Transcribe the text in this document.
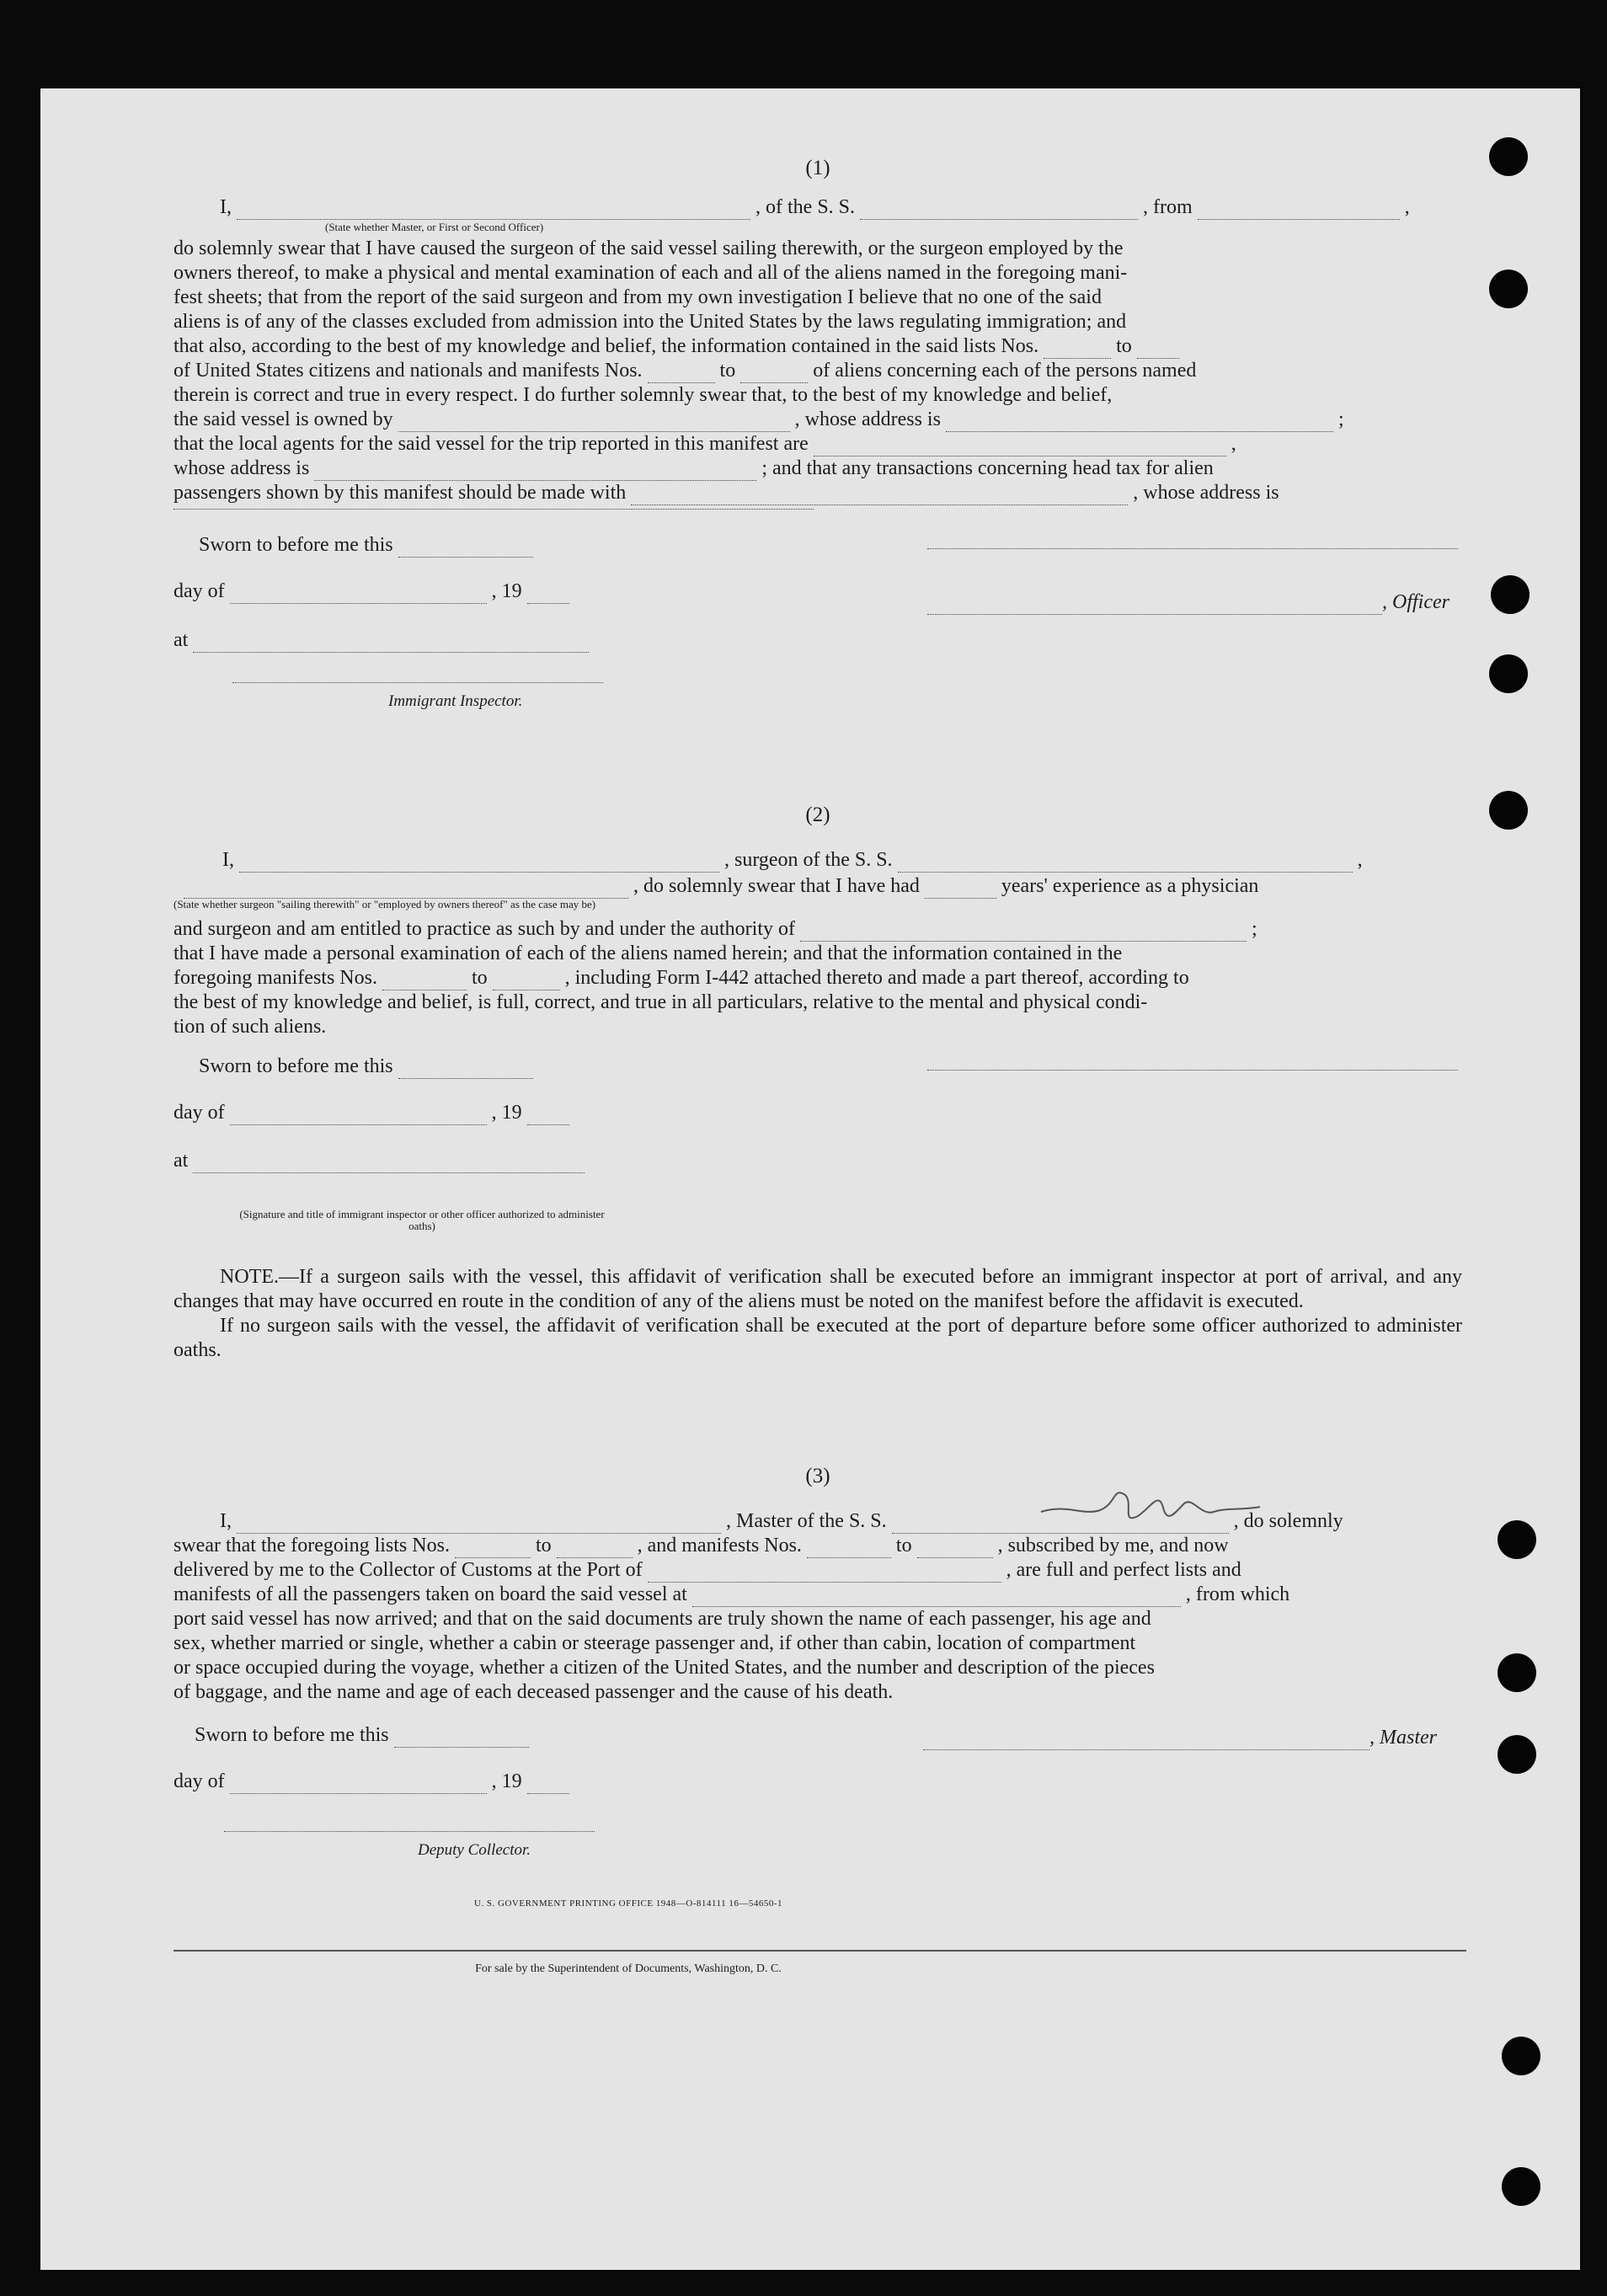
(1)

I,	, of the S. S.	, from	,
(State whether Master, or First or Second Officer)

do solemnly swear that I have caused the surgeon of the said vessel sailing therewith, or the surgeon employed by the

owners thereof, to make a physical and mental examination of each and all of the aliens named in the foregoing mani-

fest sheets; that from the report of the said surgeon and from my own investigation I believe that no one of the said

aliens is of any of the classes excluded from admission into the United States by the laws regulating immigration; and

that also, according to the best of my knowledge and belief, the information contained in the said lists Nos.	to
of United States citizens and nationals and manifests Nos.	to	of aliens concerning each of the persons named

therein is correct and true in every respect. I do further solemnly swear that, to the best of my knowledge and belief,

the said vessel is owned by	, whose address is	;
that the local agents for the said vessel for the trip reported in this manifest are	,
whose address is	; and that any transactions concerning head tax for alien
passengers shown by this manifest should be made with	, whose address is
Sworn to before me this
day of	, 19
at
Immigrant Inspector.
, Officer

(2)

I,	, surgeon of the S. S.	,
, do solemnly swear that I have had	years' experience as a physician
(State whether surgeon "sailing therewith" or "employed by owners thereof" as the case may be)
and surgeon and am entitled to practice as such by and under the authority of	;

that I have made a personal examination of each of the aliens named herein; and that the information contained in the

foregoing manifests Nos.	to	, including Form I-442 attached thereto and made a part thereof, according to

the best of my knowledge and belief, is full, correct, and true in all particulars, relative to the mental and physical condi-

tion of such aliens.

Sworn to before me this
day of	, 19
at
(Signature and title of immigrant inspector or other officer authorized to administer oaths)

NOTE.—If a surgeon sails with the vessel, this affidavit of verification shall be executed before an immigrant inspector at port of arrival, and any changes that may have occurred en route in the condition of any of the aliens must be noted on the manifest before the affidavit is executed.

If no surgeon sails with the vessel, the affidavit of verification shall be executed at the port of departure before some officer authorized to administer oaths.

(3)

I,	, Master of the S. S.	, do solemnly
swear that the foregoing lists Nos.	to	, and manifests Nos.	to	, subscribed by me, and now
delivered by me to the Collector of Customs at the Port of	, are full and perfect lists and
manifests of all the passengers taken on board the said vessel at	, from which

port said vessel has now arrived; and that on the said documents are truly shown the name of each passenger, his age and

sex, whether married or single, whether a cabin or steerage passenger and, if other than cabin, location of compartment

or space occupied during the voyage, whether a citizen of the United States, and the number and description of the pieces

of baggage, and the name and age of each deceased passenger and the cause of his death.

Sworn to before me this	, Master
day of	, 19
Deputy Collector.
U. S. GOVERNMENT PRINTING OFFICE 1948—O-814111 16—54650-1
For sale by the Superintendent of Documents, Washington, D. C.
